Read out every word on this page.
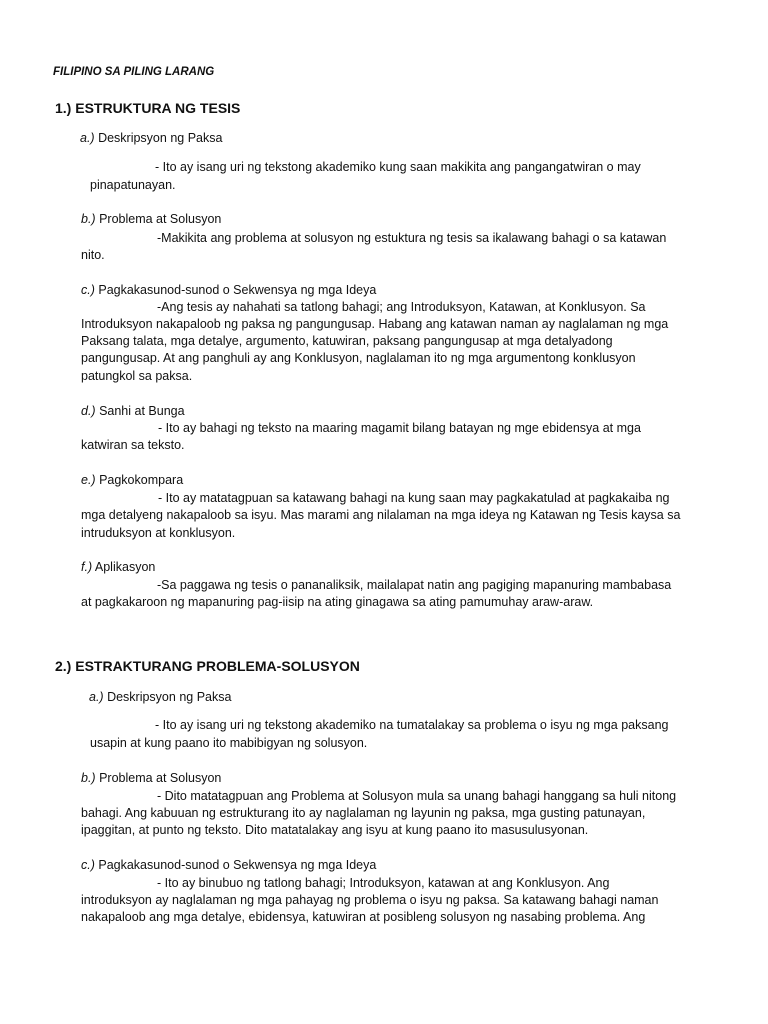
FILIPINO SA PILING LARANG
1.) ESTRUKTURA NG TESIS
a.) Deskripsyon ng Paksa
- Ito ay isang uri ng tekstong akademiko kung saan makikita ang pangangatwiran o may
pinapatunayan.
b.) Problema at Solusyon
-Makikita ang problema at solusyon ng estuktura ng tesis sa ikalawang bahagi o sa katawan
nito.
c.) Pagkakasunod-sunod o Sekwensya ng mga Ideya
-Ang tesis ay nahahati sa tatlong bahagi; ang Introduksyon, Katawan, at Konklusyon. Sa
Introduksyon nakapaloob ng paksa ng pangungusap. Habang ang katawan naman ay naglalaman ng mga
Paksang talata, mga detalye, argumento, katuwiran, paksang pangungusap at mga detalyadong
pangungusap. At ang panghuli ay ang Konklusyon, naglalaman ito ng mga argumentong konklusyon
patungkol sa paksa.
d.) Sanhi at Bunga
- Ito ay bahagi ng teksto na maaring magamit bilang batayan ng mge ebidensya at mga
katwiran sa teksto.
e.) Pagkokompara
- Ito ay matatagpuan sa katawang bahagi na kung saan may pagkakatulad at pagkakaiba ng
mga detalyeng nakapaloob sa isyu. Mas marami ang nilalaman na mga ideya ng Katawan ng Tesis kaysa sa
intruduksyon at konklusyon.
f.) Aplikasyon
-Sa paggawa ng tesis o pananaliksik, mailalapat natin ang pagiging mapanuring mambabasa
at pagkakaroon ng mapanuring pag-iisip na ating ginagawa sa ating pamumuhay araw-araw.
2.) ESTRAKTURANG PROBLEMA-SOLUSYON
a.) Deskripsyon ng Paksa
- Ito ay isang uri ng tekstong akademiko na tumatalakay sa problema o isyu ng mga paksang
usapin at kung paano ito mabibigyan ng solusyon.
b.) Problema at Solusyon
- Dito matatagpuan ang Problema at Solusyon mula sa unang bahagi hanggang sa huli nitong
bahagi. Ang kabuuan ng estrukturang ito ay naglalaman ng layunin ng paksa, mga gusting patunayan,
ipaggitan, at punto ng teksto. Dito matatalakay ang isyu at kung paano ito masusulusyonan.
c.) Pagkakasunod-sunod o Sekwensya ng mga Ideya
- Ito ay binubuo ng tatlong bahagi; Introduksyon, katawan at ang Konklusyon. Ang
introduksyon ay naglalaman ng mga pahayag ng problema o isyu ng paksa. Sa katawang bahagi naman
nakapaloob ang mga detalye, ebidensya, katuwiran at posibleng solusyon ng nasabing problema. Ang
